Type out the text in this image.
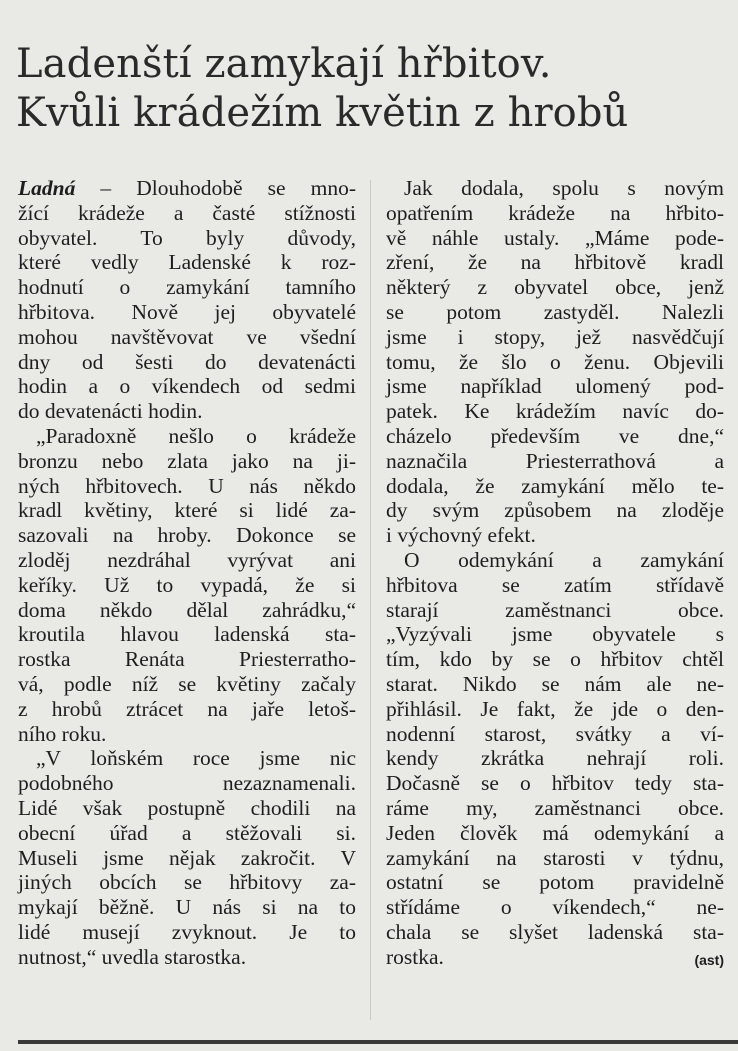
Ladenští zamykají hřbitov.
Kvůli krádežím květin z hrobů
Ladná – Dlouhodobě se mno-
žící krádeže a časté stížnosti
obyvatel. To byly důvody,
které vedly Ladenské k roz-
hodnutí o zamykání tamního
hřbitova. Nově jej obyvatelé
mohou navštěvovat ve všední
dny od šesti do devatenácti
hodin a o víkendech od sedmi
do devatenácti hodin.
„Paradoxně nešlo o krádeže
bronzu nebo zlata jako na ji-
ných hřbitovech. U nás někdo
kradl květiny, které si lidé za-
sazovali na hroby. Dokonce se
zloděj nezdráhal vyrývat ani
keříky. Už to vypadá, že si
doma někdo dělal zahrádku,“
kroutila hlavou ladenská sta-
rostka Renáta Priesterratho-
vá, podle níž se květiny začaly
z hrobů ztrácet na jaře letoš-
ního roku.
„V loňském roce jsme nic
podobného nezaznamenali.
Lidé však postupně chodili na
obecní úřad a stěžovali si.
Museli jsme nějak zakročit. V
jiných obcích se hřbitovy za-
mykají běžně. U nás si na to
lidé musejí zvyknout. Je to
nutnost,“ uvedla starostka.
Jak dodala, spolu s novým
opatřením krádeže na hřbito-
vě náhle ustaly. „Máme pode-
zření, že na hřbitově kradl
některý z obyvatel obce, jenž
se potom zastyděl. Nalezli
jsme i stopy, jež nasvědčují
tomu, že šlo o ženu. Objevili
jsme například ulomený pod-
patek. Ke krádežím navíc do-
cházelo především ve dne,“
naznačila Priesterrathová a
dodala, že zamykání mělo te-
dy svým způsobem na zloděje
i výchovný efekt.
O odemykání a zamykání
hřbitova se zatím střídavě
starají zaměstnanci obce.
„Vyzývali jsme obyvatele s
tím, kdo by se o hřbitov chtěl
starat. Nikdo se nám ale ne-
přihlásil. Je fakt, že jde o den-
nodenní starost, svátky a ví-
kendy zkrátka nehrají roli.
Dočasně se o hřbitov tedy sta-
ráme my, zaměstnanci obce.
Jeden člověk má odemykání a
zamykání na starosti v týdnu,
ostatní se potom pravidelně
střídáme o víkendech,“ ne-
chala se slyšet ladenská sta-
rostka.	(ast)
